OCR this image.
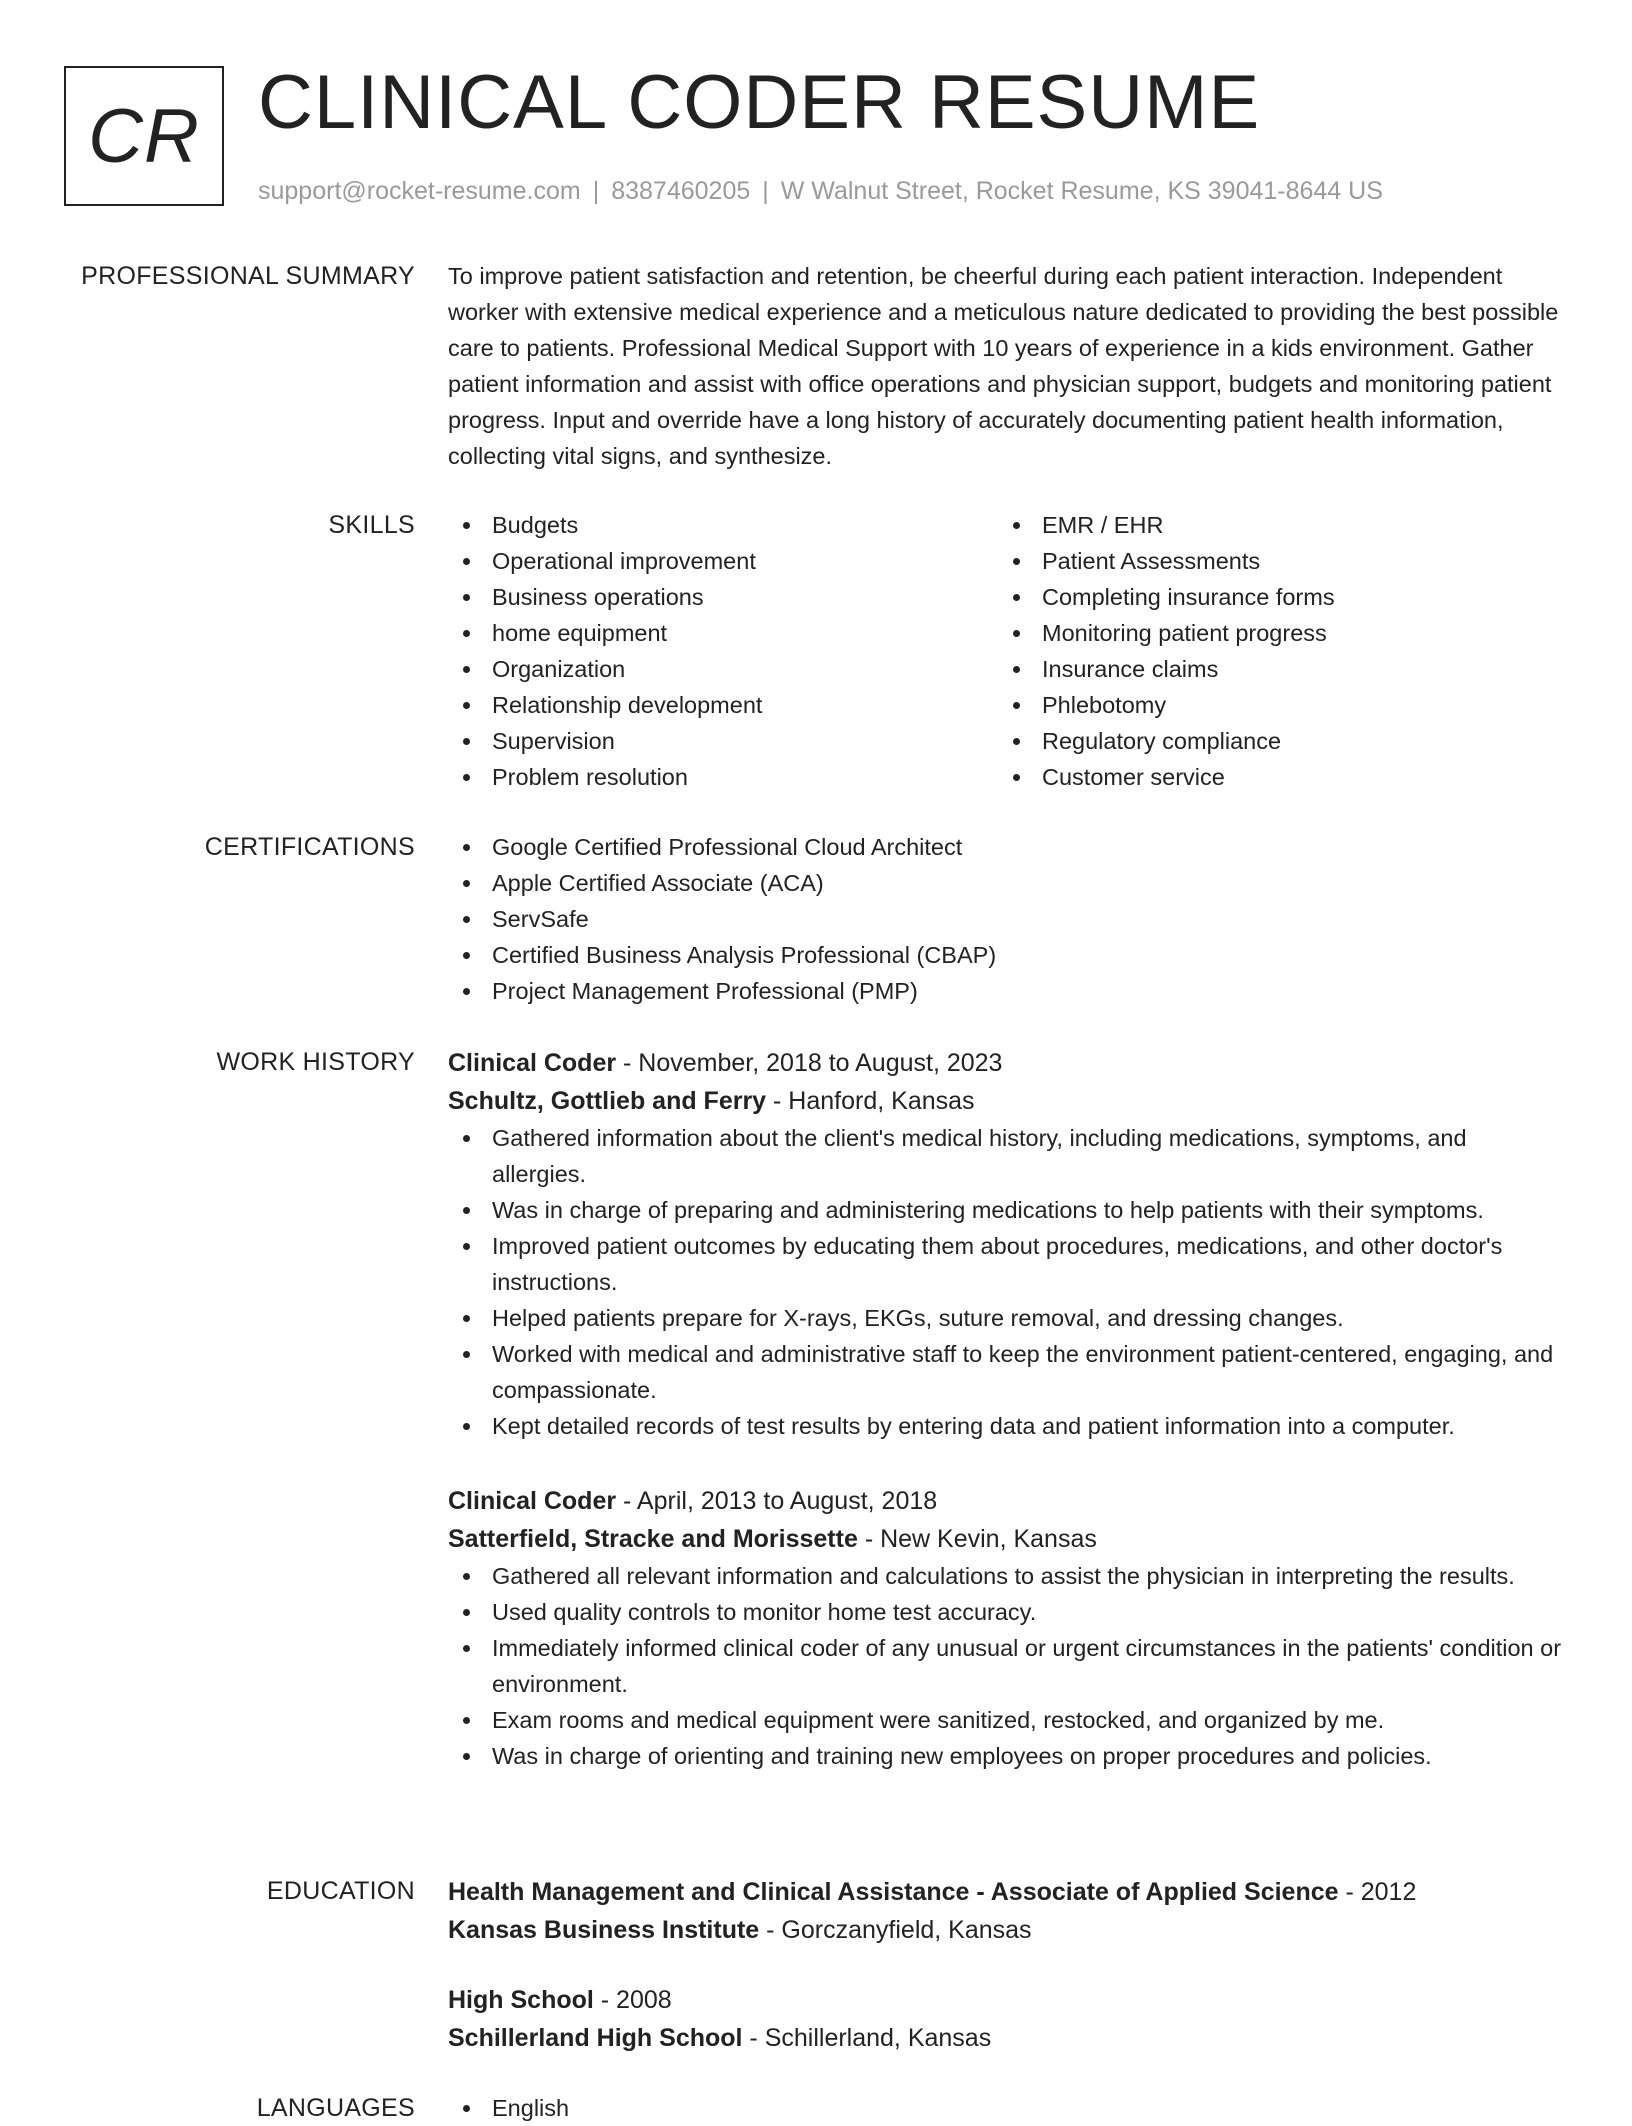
CR CLINICAL CODER RESUME
support@rocket-resume.com | 8387460205 | W Walnut Street, Rocket Resume, KS 39041-8644 US
PROFESSIONAL SUMMARY To improve patient satisfaction and retention, be cheerful during each patient interaction. Independent worker with extensive medical experience and a meticulous nature dedicated to providing the best possible care to patients. Professional Medical Support with 10 years of experience in a kids environment. Gather patient information and assist with office operations and physician support, budgets and monitoring patient progress. Input and override have a long history of accurately documenting patient health information, collecting vital signs, and synthesize.

SKILLS	Budgets
Operational improvement
Business operations
home equipment
Organization
Relationship development
Supervision
Problem resolution
EMR / EHR
Patient Assessments
Completing insurance forms
Monitoring patient progress
Insurance claims
Phlebotomy
Regulatory compliance
Customer service
CERTIFICATIONS	Google Certified Professional Cloud Architect
Apple Certified Associate (ACA)
ServSafe
Certified Business Analysis Professional (CBAP)
Project Management Professional (PMP)
WORK HISTORY Clinical Coder - November, 2018 to August, 2023
Schultz, Gottlieb and Ferry - Hanford, Kansas
Gathered information about the client's medical history, including medications, symptoms, and allergies.
Was in charge of preparing and administering medications to help patients with their symptoms.
Improved patient outcomes by educating them about procedures, medications, and other doctor's instructions.
Helped patients prepare for X-rays, EKGs, suture removal, and dressing changes.
Worked with medical and administrative staff to keep the environment patient-centered, engaging, and compassionate.
Kept detailed records of test results by entering data and patient information into a computer.
Clinical Coder - April, 2013 to August, 2018
Satterfield, Stracke and Morissette - New Kevin, Kansas
Gathered all relevant information and calculations to assist the physician in interpreting the results.
Used quality controls to monitor home test accuracy.
Immediately informed clinical coder of any unusual or urgent circumstances in the patients' condition or environment.
Exam rooms and medical equipment were sanitized, restocked, and organized by me.
Was in charge of orienting and training new employees on proper procedures and policies.
EDUCATION Health Management and Clinical Assistance - Associate of Applied Science - 2012
Kansas Business Institute - Gorczanyfield, Kansas
High School - 2008
Schillerland High School - Schillerland, Kansas
LANGUAGES	English
